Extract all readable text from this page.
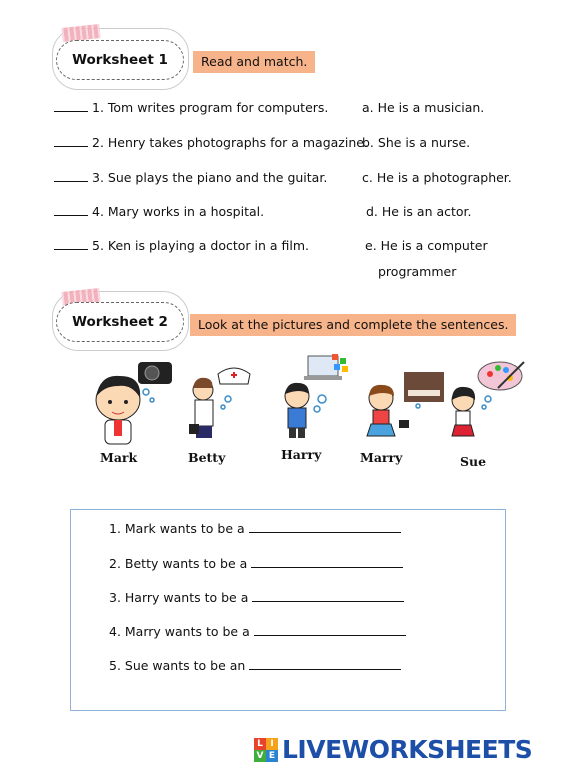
Worksheet 1	Read and match.
1. Tom writes program for computers.
2. Henry takes photographs for a magazine.
3. Sue plays the piano and the guitar.
4. Mary works in a hospital.
5. Ken is playing a doctor in a film.
a. He is a musician.
b. She is a nurse.
c. He is a photographer.
d. He is an actor.
e. He is a computer
programmer
Worksheet 2	Look at the pictures and complete the sentences.
Mark	Betty	Harry	Marry	Sue
1. Mark wants to be a
2. Betty wants to be a
3. Harry wants to be a
4. Marry wants to be a
5. Sue wants to be an
L I
V E LIVEWORKSHEETS
